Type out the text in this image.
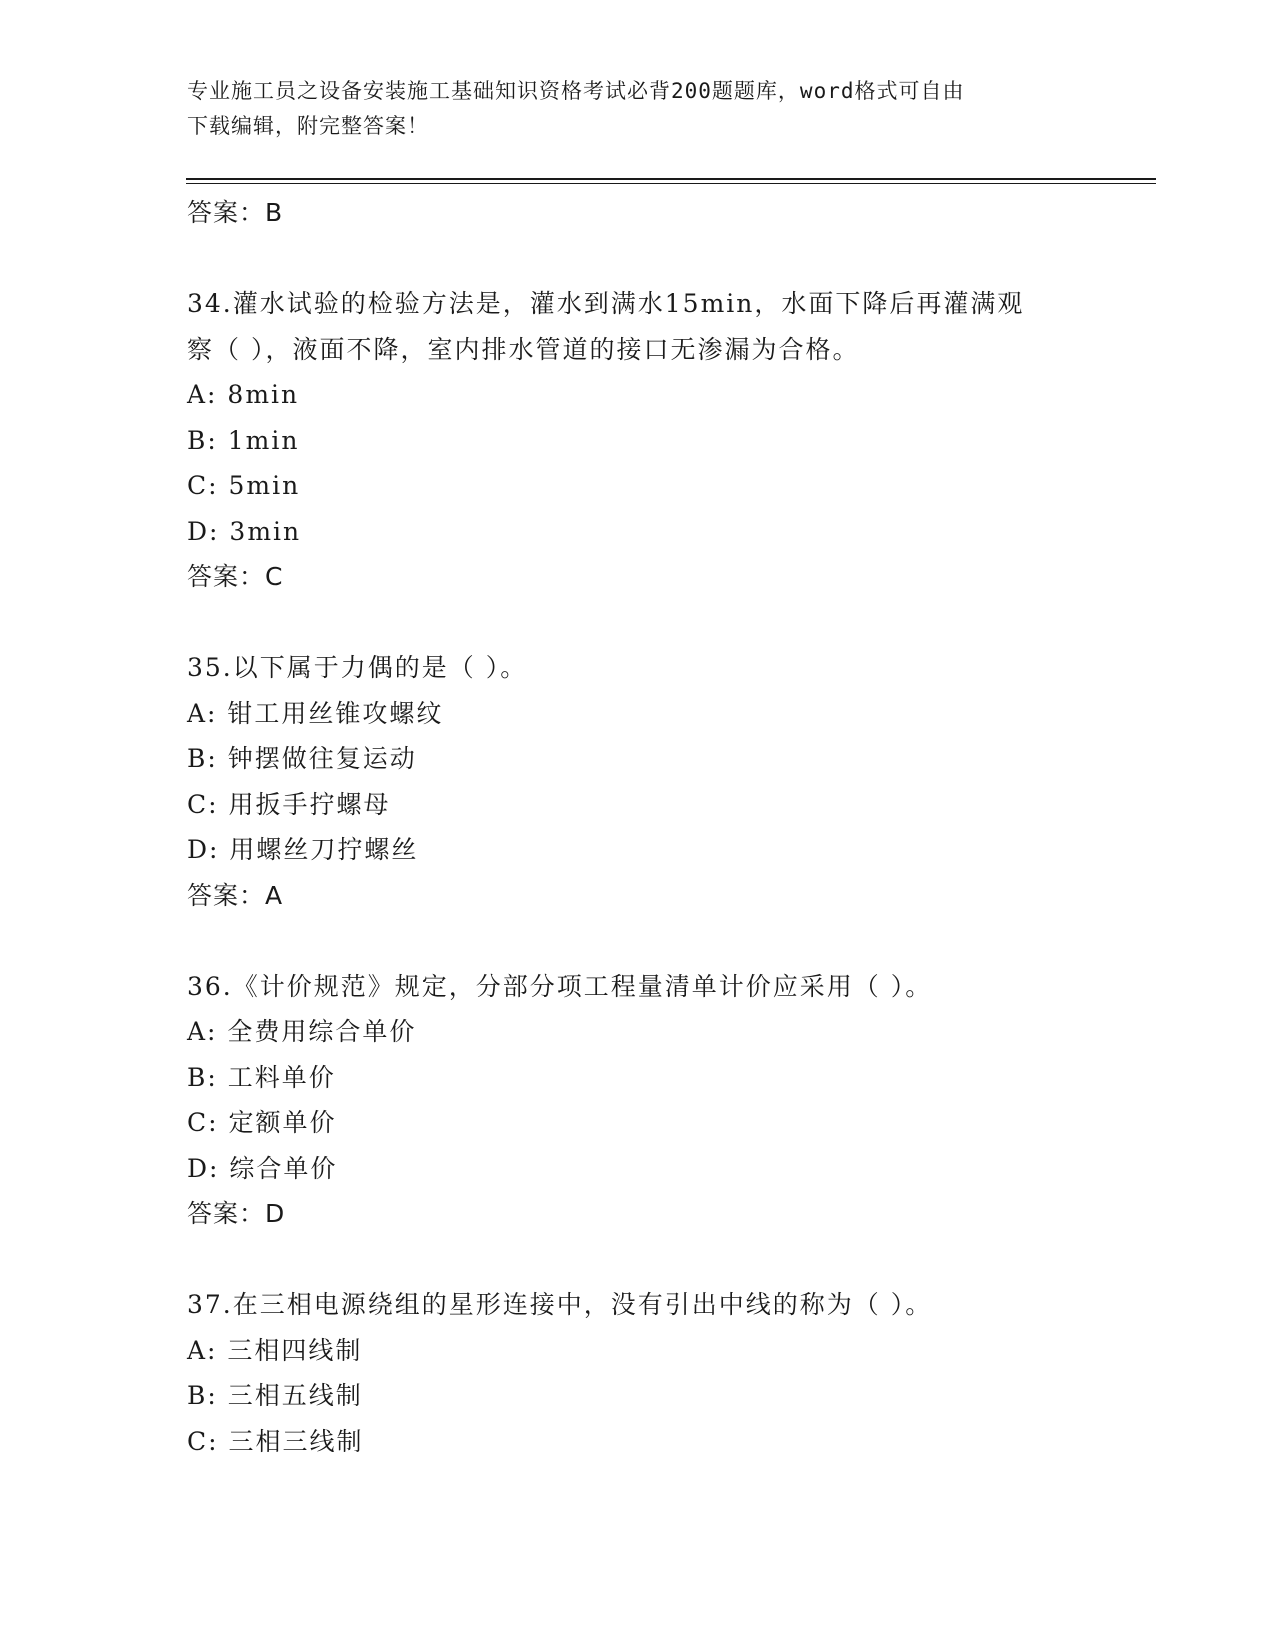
专业施工员之设备安装施工基础知识资格考试必背200题题库，word格式可自由
下载编辑，附完整答案！
答案：B
34.灌水试验的检验方法是，灌水到满水15min，水面下降后再灌满观
察（ ），液面不降，室内排水管道的接口无渗漏为合格。
A: 8min
B: 1min
C: 5min
D: 3min
答案：C
35.以下属于力偶的是（ ）。
A: 钳工用丝锥攻螺纹
B: 钟摆做往复运动
C: 用扳手拧螺母
D: 用螺丝刀拧螺丝
答案：A
36.《计价规范》规定，分部分项工程量清单计价应采用（ ）。
A: 全费用综合单价
B: 工料单价
C: 定额单价
D: 综合单价
答案：D
37.在三相电源绕组的星形连接中，没有引出中线的称为（ ）。
A: 三相四线制
B: 三相五线制
C: 三相三线制
